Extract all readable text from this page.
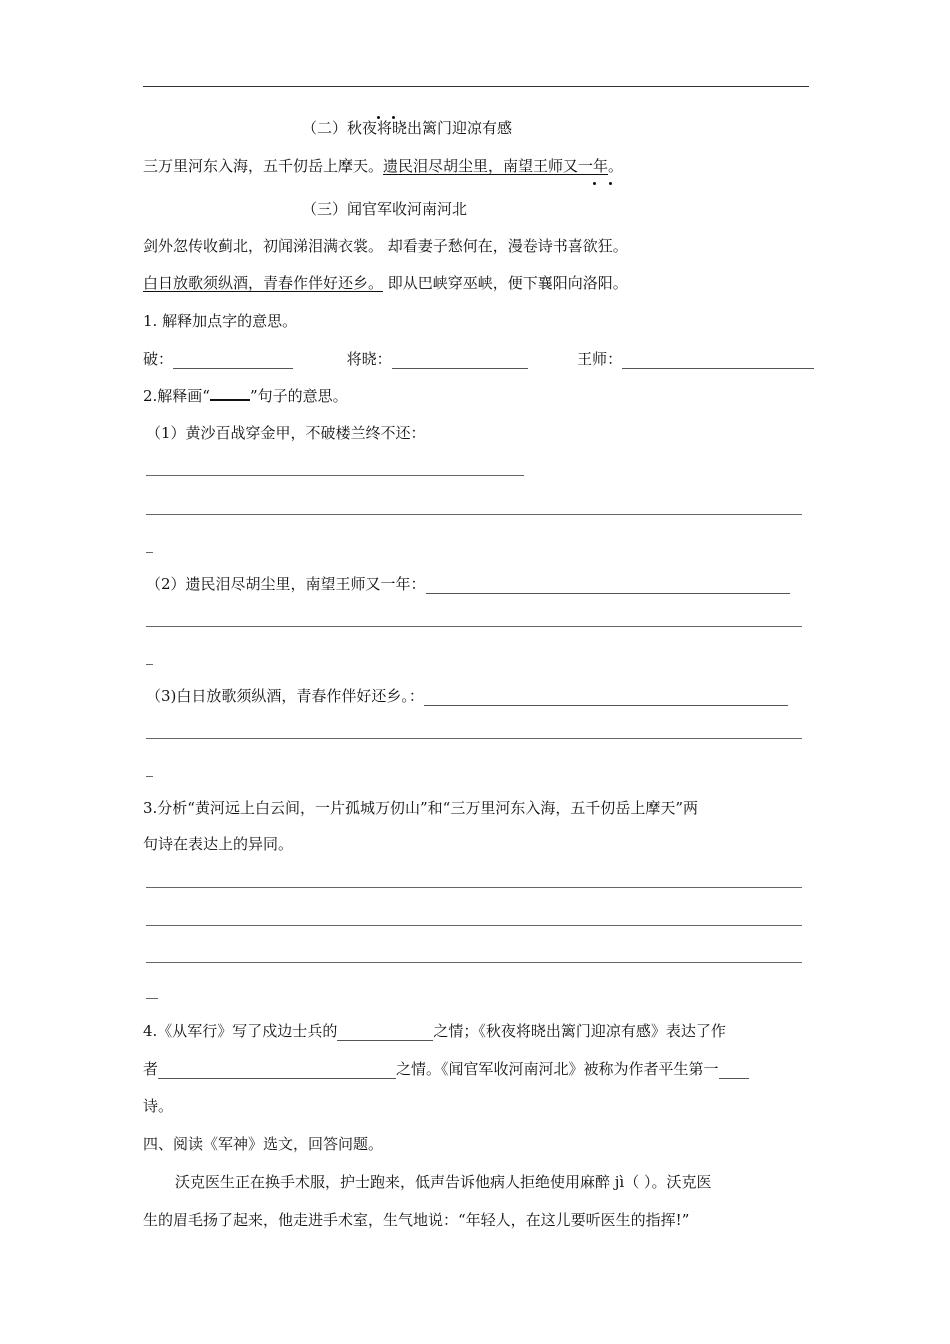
（二）秋夜将晓出篱门迎凉有感
三万里河东入海，五千仞岳上摩天。遗民泪尽胡尘里，南望王师又一年。
（三）闻官军收河南河北
剑外忽传收蓟北，初闻涕泪满衣裳。 却看妻子愁何在，漫卷诗书喜欲狂。
白日放歌须纵酒，青春作伴好还乡。 即从巴峡穿巫峡，便下襄阳向洛阳。
1. 解释加点字的意思。
破：	将晓：	王师：
2.解释画“	”句子的意思。
（1）黄沙百战穿金甲，不破楼兰终不还：
（2）遗民泪尽胡尘里，南望王师又一年：
（3)白日放歌须纵酒，青春作伴好还乡。：
3.分析“黄河远上白云间，一片孤城万仞山”和“三万里河东入海，五千仞岳上摩天”两
句诗在表达上的异同。
4.《从军行》写了戍边士兵的	之情；《秋夜将晓出篱门迎凉有感》表达了作
者	之情。《闻官军收河南河北》被称为作者平生第一
诗。
四、阅读《军神》选文，回答问题。
沃克医生正在换手术服，护士跑来，低声告诉他病人拒绝使用麻醉 jì（ ）。沃克医
生的眉毛扬了起来，他走进手术室，生气地说：“年轻人，在这儿要听医生的指挥!”
